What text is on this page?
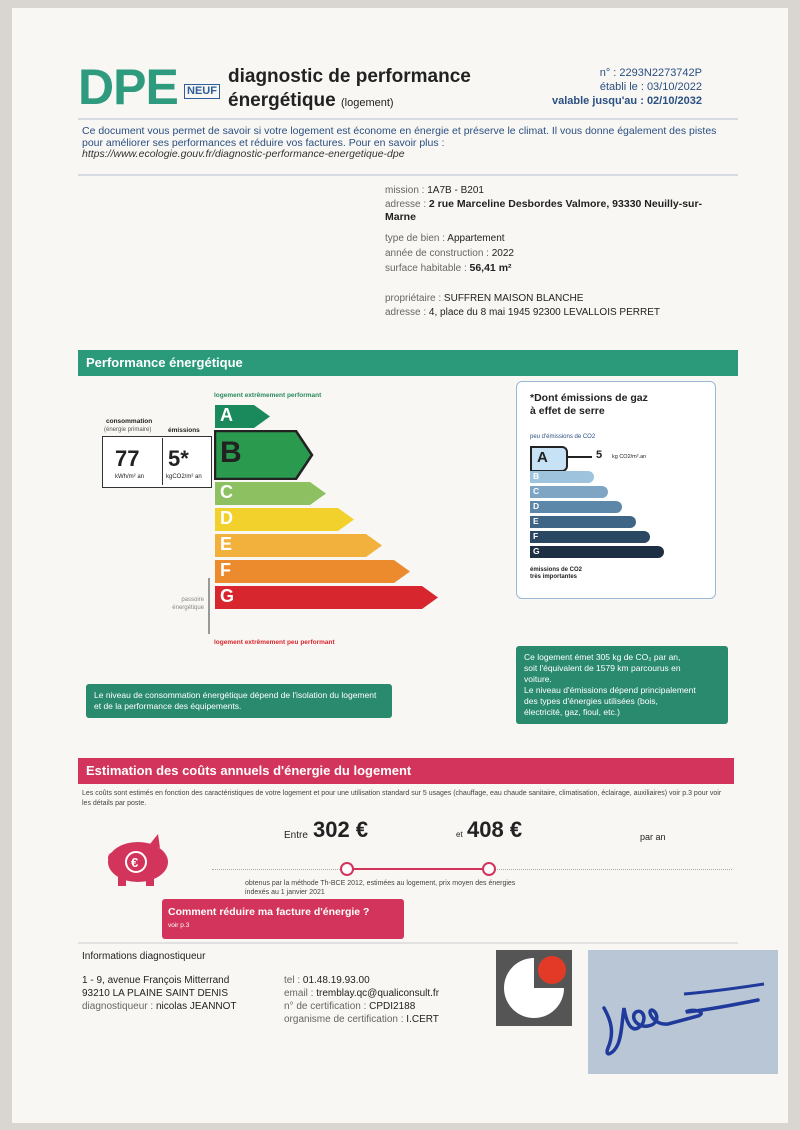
DPE NEUF
diagnostic de performance
énergétique (logement)
n° : 2293N2273742P
établi le : 03/10/2022
valable jusqu'au : 02/10/2032
Ce document vous permet de savoir si votre logement est économe en énergie et préserve le climat. Il vous donne également des pistes pour améliorer ses performances et réduire vos factures. Pour en savoir plus :
https://www.ecologie.gouv.fr/diagnostic-performance-energetique-dpe
mission : 1A7B - B201
adresse : 2 rue Marceline Desbordes Valmore, 93330 Neuilly-sur-Marne
type de bien : Appartement
année de construction : 2022
surface habitable : 56,41 m²
propriétaire : SUFFREN MAISON BLANCHE
adresse : 4, place du 8 mai 1945 92300 LEVALLOIS PERRET
Performance énergétique
logement extrêmement performant
consommation
(énergie primaire)	émissions
77
kWh/m² an
5*
kgCO2/m² an
A
B
C
D
E
F
G
passoire énergétique
logement extrêmement peu performant
Le niveau de consommation énergétique dépend de l'isolation du logement et de la performance des équipements.
*Dont émissions de gaz
à effet de serre
peu d'émissions de CO2
A
B
C
D
E
F
G
5 kg CO2/m².an
émissions de CO2
très importantes
Ce logement émet 305 kg de CO₂ par an,
soit l'équivalent de 1579 km parcourus en
voiture.
Le niveau d'émissions dépend principalement
des types d'énergies utilisées (bois,
électricité, gaz, fioul, etc.)
Estimation des coûts annuels d'énergie du logement
Les coûts sont estimés en fonction des caractéristiques de votre logement et pour une utilisation standard sur 5 usages (chauffage, eau chaude sanitaire, climatisation, éclairage, auxiliaires) voir p.3 pour voir les détails par poste.
€
Entre 302 €	et 408 €	par an
obtenus par la méthode Th-BCE 2012, estimées au logement, prix moyen des énergies
indexés au 1 janvier 2021
Comment réduire ma facture d'énergie ?
voir p.3
Informations diagnostiqueur
1 - 9, avenue François Mitterrand
93210 LA PLAINE SAINT DENIS
diagnostiqueur : nicolas JEANNOT
tel : 01.48.19.93.00
email : tremblay.qc@qualiconsult.fr
n° de certification : CPDI2188
organisme de certification : I.CERT
